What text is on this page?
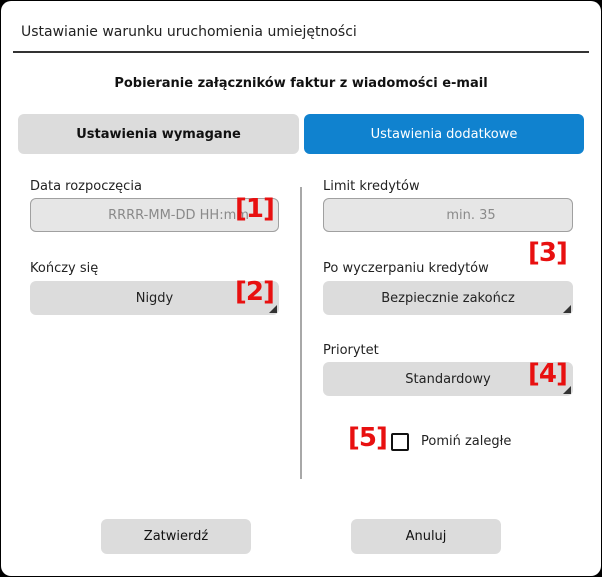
Ustawianie warunku uruchomienia umiejętności
Pobieranie załączników faktur z wiadomości e-mail
Ustawienia wymagane	Ustawienia dodatkowe
Data rozpoczęcia
RRRR-MM-DD HH:mm
[1]
Kończy się
Nigdy [2]
Limit kredytów
min. 35
[3]
Po wyczerpaniu kredytów
Bezpiecznie zakończ
Priorytet
Standardowy [4]
[5]	Pomiń zaległe
Zatwierdź	Anuluj
